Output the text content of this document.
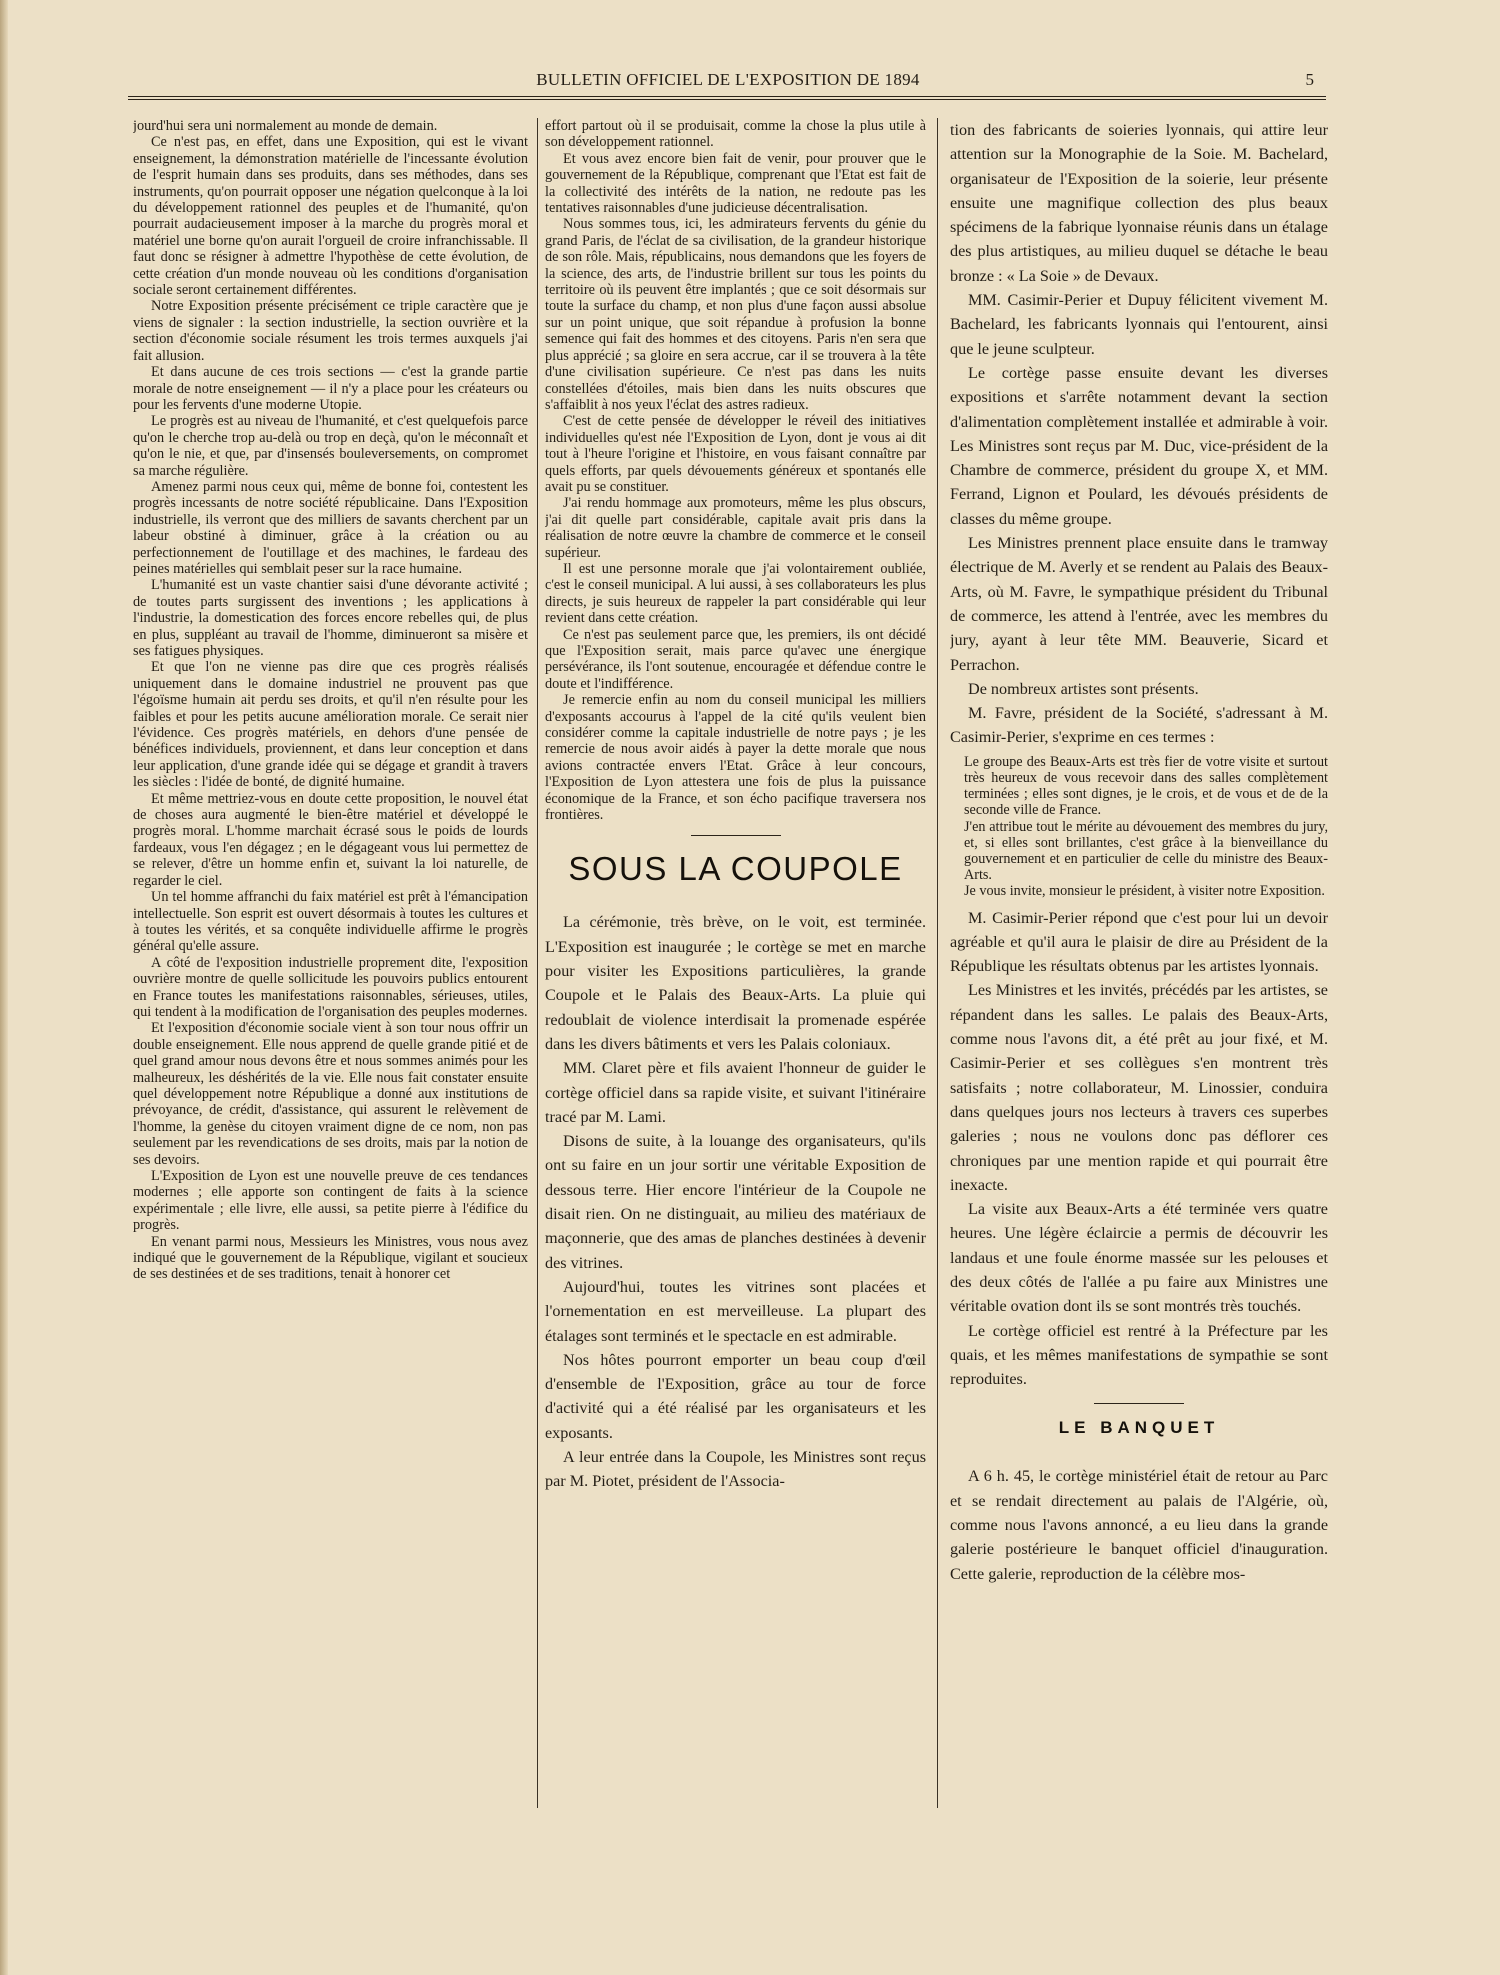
BULLETIN OFFICIEL DE L'EXPOSITION DE 1894	5

jourd'hui sera uni normalement au monde de demain.

Ce n'est pas, en effet, dans une Exposition, qui est le vivant enseignement, la démonstration matérielle de l'incessante évolution de l'esprit humain dans ses produits, dans ses méthodes, dans ses instruments, qu'on pourrait opposer une négation quelconque à la loi du développement rationnel des peuples et de l'humanité, qu'on pourrait audacieusement imposer à la marche du progrès moral et matériel une borne qu'on aurait l'orgueil de croire infranchissable. Il faut donc se résigner à admettre l'hypothèse de cette évolution, de cette création d'un monde nouveau où les conditions d'organisation sociale seront certainement différentes.

Notre Exposition présente précisément ce triple caractère que je viens de signaler : la section industrielle, la section ouvrière et la section d'économie sociale résument les trois termes auxquels j'ai fait allusion.

Et dans aucune de ces trois sections — c'est la grande partie morale de notre enseignement — il n'y a place pour les créateurs ou pour les fervents d'une moderne Utopie.

Le progrès est au niveau de l'humanité, et c'est quelquefois parce qu'on le cherche trop au-delà ou trop en deçà, qu'on le méconnaît et qu'on le nie, et que, par d'insensés bouleversements, on compromet sa marche régulière.

Amenez parmi nous ceux qui, même de bonne foi, contestent les progrès incessants de notre société républicaine. Dans l'Exposition industrielle, ils verront que des milliers de savants cherchent par un labeur obstiné à diminuer, grâce à la création ou au perfectionnement de l'outillage et des machines, le fardeau des peines matérielles qui semblait peser sur la race humaine.

L'humanité est un vaste chantier saisi d'une dévorante activité ; de toutes parts surgissent des inventions ; les applications à l'industrie, la domestication des forces encore rebelles qui, de plus en plus, suppléant au travail de l'homme, diminueront sa misère et ses fatigues physiques.

Et que l'on ne vienne pas dire que ces progrès réalisés uniquement dans le domaine industriel ne prouvent pas que l'égoïsme humain ait perdu ses droits, et qu'il n'en résulte pour les faibles et pour les petits aucune amélioration morale. Ce serait nier l'évidence. Ces progrès matériels, en dehors d'une pensée de bénéfices individuels, proviennent, et dans leur conception et dans leur application, d'une grande idée qui se dégage et grandit à travers les siècles : l'idée de bonté, de dignité humaine.

Et même mettriez-vous en doute cette proposition, le nouvel état de choses aura augmenté le bien-être matériel et développé le progrès moral. L'homme marchait écrasé sous le poids de lourds fardeaux, vous l'en dégagez ; en le dégageant vous lui permettez de se relever, d'être un homme enfin et, suivant la loi naturelle, de regarder le ciel.

Un tel homme affranchi du faix matériel est prêt à l'émancipation intellectuelle. Son esprit est ouvert désormais à toutes les cultures et à toutes les vérités, et sa conquête individuelle affirme le progrès général qu'elle assure.

A côté de l'exposition industrielle proprement dite, l'exposition ouvrière montre de quelle sollicitude les pouvoirs publics entourent en France toutes les manifestations raisonnables, sérieuses, utiles, qui tendent à la modification de l'organisation des peuples modernes.

Et l'exposition d'économie sociale vient à son tour nous offrir un double enseignement. Elle nous apprend de quelle grande pitié et de quel grand amour nous devons être et nous sommes animés pour les malheureux, les déshérités de la vie. Elle nous fait constater ensuite quel développement notre République a donné aux institutions de prévoyance, de crédit, d'assistance, qui assurent le relèvement de l'homme, la genèse du citoyen vraiment digne de ce nom, non pas seulement par les revendications de ses droits, mais par la notion de ses devoirs.

L'Exposition de Lyon est une nouvelle preuve de ces tendances modernes ; elle apporte son contingent de faits à la science expérimentale ; elle livre, elle aussi, sa petite pierre à l'édifice du progrès.

En venant parmi nous, Messieurs les Ministres, vous nous avez indiqué que le gouvernement de la République, vigilant et soucieux de ses destinées et de ses traditions, tenait à honorer cet

effort partout où il se produisait, comme la chose la plus utile à son développement rationnel.

Et vous avez encore bien fait de venir, pour prouver que le gouvernement de la République, comprenant que l'Etat est fait de la collectivité des intérêts de la nation, ne redoute pas les tentatives raisonnables d'une judicieuse décentralisation.

Nous sommes tous, ici, les admirateurs fervents du génie du grand Paris, de l'éclat de sa civilisation, de la grandeur historique de son rôle. Mais, républicains, nous demandons que les foyers de la science, des arts, de l'industrie brillent sur tous les points du territoire où ils peuvent être implantés ; que ce soit désormais sur toute la surface du champ, et non plus d'une façon aussi absolue sur un point unique, que soit répandue à profusion la bonne semence qui fait des hommes et des citoyens. Paris n'en sera que plus apprécié ; sa gloire en sera accrue, car il se trouvera à la tête d'une civilisation supérieure. Ce n'est pas dans les nuits constellées d'étoiles, mais bien dans les nuits obscures que s'affaiblit à nos yeux l'éclat des astres radieux.

C'est de cette pensée de développer le réveil des initiatives individuelles qu'est née l'Exposition de Lyon, dont je vous ai dit tout à l'heure l'origine et l'histoire, en vous faisant connaître par quels efforts, par quels dévouements généreux et spontanés elle avait pu se constituer.

J'ai rendu hommage aux promoteurs, même les plus obscurs, j'ai dit quelle part considérable, capitale avait pris dans la réalisation de notre œuvre la chambre de commerce et le conseil supérieur.

Il est une personne morale que j'ai volontairement oubliée, c'est le conseil municipal. A lui aussi, à ses collaborateurs les plus directs, je suis heureux de rappeler la part considérable qui leur revient dans cette création.

Ce n'est pas seulement parce que, les premiers, ils ont décidé que l'Exposition serait, mais parce qu'avec une énergique persévérance, ils l'ont soutenue, encouragée et défendue contre le doute et l'indifférence.

Je remercie enfin au nom du conseil municipal les milliers d'exposants accourus à l'appel de la cité qu'ils veulent bien considérer comme la capitale industrielle de notre pays ; je les remercie de nous avoir aidés à payer la dette morale que nous avions contractée envers l'Etat. Grâce à leur concours, l'Exposition de Lyon attestera une fois de plus la puissance économique de la France, et son écho pacifique traversera nos frontières.

SOUS LA COUPOLE

La cérémonie, très brève, on le voit, est terminée. L'Exposition est inaugurée ; le cortège se met en marche pour visiter les Expositions particulières, la grande Coupole et le Palais des Beaux-Arts. La pluie qui redoublait de violence interdisait la promenade espérée dans les divers bâtiments et vers les Palais coloniaux.

MM. Claret père et fils avaient l'honneur de guider le cortège officiel dans sa rapide visite, et suivant l'itinéraire tracé par M. Lami.

Disons de suite, à la louange des organisateurs, qu'ils ont su faire en un jour sortir une véritable Exposition de dessous terre. Hier encore l'intérieur de la Coupole ne disait rien. On ne distinguait, au milieu des matériaux de maçonnerie, que des amas de planches destinées à devenir des vitrines.

Aujourd'hui, toutes les vitrines sont placées et l'ornementation en est merveilleuse. La plupart des étalages sont terminés et le spectacle en est admirable.

Nos hôtes pourront emporter un beau coup d'œil d'ensemble de l'Exposition, grâce au tour de force d'activité qui a été réalisé par les organisateurs et les exposants.

A leur entrée dans la Coupole, les Ministres sont reçus par M. Piotet, président de l'Associa-

tion des fabricants de soieries lyonnais, qui attire leur attention sur la Monographie de la Soie. M. Bachelard, organisateur de l'Exposition de la soierie, leur présente ensuite une magnifique collection des plus beaux spécimens de la fabrique lyonnaise réunis dans un étalage des plus artistiques, au milieu duquel se détache le beau bronze : « La Soie » de Devaux.

MM. Casimir-Perier et Dupuy félicitent vivement M. Bachelard, les fabricants lyonnais qui l'entourent, ainsi que le jeune sculpteur.

Le cortège passe ensuite devant les diverses expositions et s'arrête notamment devant la section d'alimentation complètement installée et admirable à voir. Les Ministres sont reçus par M. Duc, vice-président de la Chambre de commerce, président du groupe X, et MM. Ferrand, Lignon et Poulard, les dévoués présidents de classes du même groupe.

Les Ministres prennent place ensuite dans le tramway électrique de M. Averly et se rendent au Palais des Beaux-Arts, où M. Favre, le sympathique président du Tribunal de commerce, les attend à l'entrée, avec les membres du jury, ayant à leur tête MM. Beauverie, Sicard et Perrachon.

De nombreux artistes sont présents.

M. Favre, président de la Société, s'adressant à M. Casimir-Perier, s'exprime en ces termes :

Le groupe des Beaux-Arts est très fier de votre visite et surtout très heureux de vous recevoir dans des salles complètement terminées ; elles sont dignes, je le crois, et de vous et de de la seconde ville de France.

J'en attribue tout le mérite au dévouement des membres du jury, et, si elles sont brillantes, c'est grâce à la bienveillance du gouvernement et en particulier de celle du ministre des Beaux-Arts.

Je vous invite, monsieur le président, à visiter notre Exposition.

M. Casimir-Perier répond que c'est pour lui un devoir agréable et qu'il aura le plaisir de dire au Président de la République les résultats obtenus par les artistes lyonnais.

Les Ministres et les invités, précédés par les artistes, se répandent dans les salles. Le palais des Beaux-Arts, comme nous l'avons dit, a été prêt au jour fixé, et M. Casimir-Perier et ses collègues s'en montrent très satisfaits ; notre collaborateur, M. Linossier, conduira dans quelques jours nos lecteurs à travers ces superbes galeries ; nous ne voulons donc pas déflorer ces chroniques par une mention rapide et qui pourrait être inexacte.

La visite aux Beaux-Arts a été terminée vers quatre heures. Une légère éclaircie a permis de découvrir les landaus et une foule énorme massée sur les pelouses et des deux côtés de l'allée a pu faire aux Ministres une véritable ovation dont ils se sont montrés très touchés.

Le cortège officiel est rentré à la Préfecture par les quais, et les mêmes manifestations de sympathie se sont reproduites.

LE BANQUET

A 6 h. 45, le cortège ministériel était de retour au Parc et se rendait directement au palais de l'Algérie, où, comme nous l'avons annoncé, a eu lieu dans la grande galerie postérieure le banquet officiel d'inauguration. Cette galerie, reproduction de la célèbre mos-
